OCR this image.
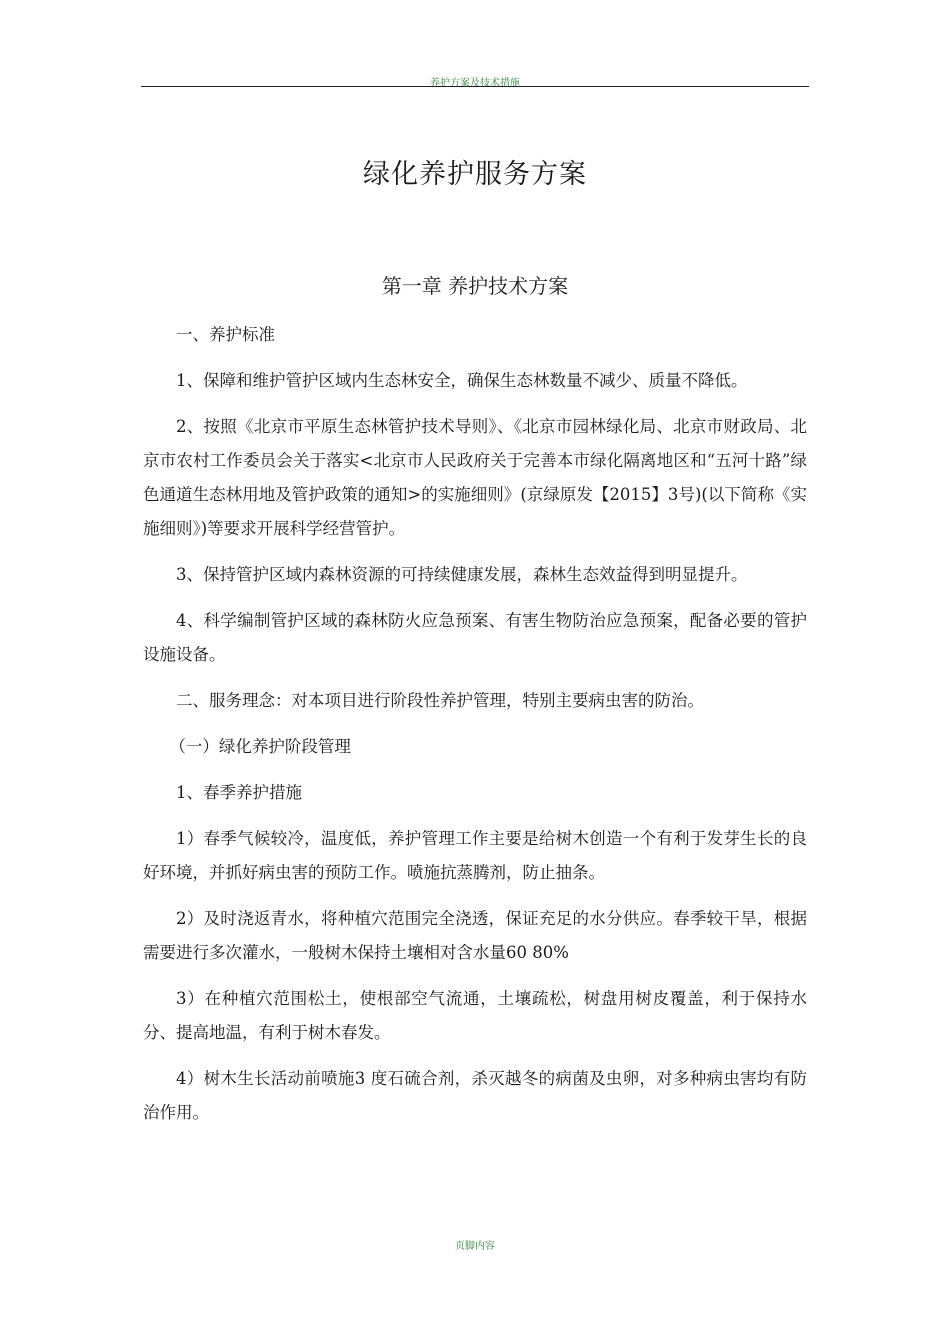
养护方案及技术措施
绿化养护服务方案
第一章 养护技术方案

一、养护标准

1、保障和维护管护区域内生态林安全，确保生态林数量不减少、质量不降低。

2、按照《北京市平原生态林管护技术导则》、《北京市园林绿化局、北京市财政局、北京市农村工作委员会关于落实<北京市人民政府关于完善本市绿化隔离地区和“五河十路”绿色通道生态林用地及管护政策的通知>的实施细则》(京绿原发【2015】3号)(以下简称《实施细则》)等要求开展科学经营管护。

3、保持管护区域内森林资源的可持续健康发展，森林生态效益得到明显提升。

4、科学编制管护区域的森林防火应急预案、有害生物防治应急预案，配备必要的管护设施设备。

二、服务理念：对本项目进行阶段性养护管理，特别主要病虫害的防治。

（一）绿化养护阶段管理

1、春季养护措施

1）春季气候较冷，温度低，养护管理工作主要是给树木创造一个有利于发芽生长的良好环境，并抓好病虫害的预防工作。喷施抗蒸腾剂，防止抽条。

2）及时浇返青水，将种植穴范围完全浇透，保证充足的水分供应。春季较干旱，根据需要进行多次灌水，一般树木保持土壤相对含水量60 80%

3）在种植穴范围松土，使根部空气流通，土壤疏松，树盘用树皮覆盖，利于保持水分、提高地温，有利于树木春发。

4）树木生长活动前喷施3 度石硫合剂，杀灭越冬的病菌及虫卵，对多种病虫害均有防治作用。

页脚内容
